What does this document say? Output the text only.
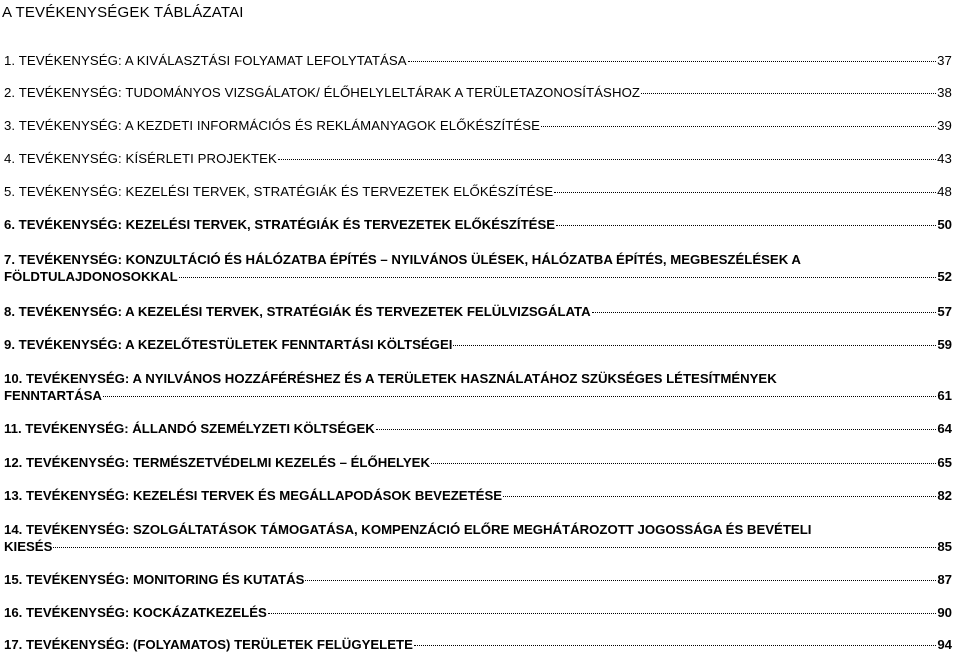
A TEVÉKENYSÉGEK TÁBLÁZATAI
1. TEVÉKENYSÉG: A KIVÁLASZTÁSI FOLYAMAT LEFOLYTATÁSA	37
2. TEVÉKENYSÉG: TUDOMÁNYOS VIZSGÁLATOK/ ÉLŐHELYLELTÁRAK A TERÜLETAZONOSÍTÁSHOZ	38
3. TEVÉKENYSÉG: A KEZDETI INFORMÁCIÓS ÉS REKLÁMANYAGOK ELŐKÉSZÍTÉSE	39
4. TEVÉKENYSÉG: KÍSÉRLETI PROJEKTEK	43
5. TEVÉKENYSÉG: KEZELÉSI TERVEK, STRATÉGIÁK ÉS TERVEZETEK ELŐKÉSZÍTÉSE	48
6. TEVÉKENYSÉG: KEZELÉSI TERVEK, STRATÉGIÁK ÉS TERVEZETEK ELŐKÉSZÍTÉSE	50
7. TEVÉKENYSÉG: KONZULTÁCIÓ ÉS HÁLÓZATBA ÉPÍTÉS – NYILVÁNOS ÜLÉSEK, HÁLÓZATBA ÉPÍTÉS, MEGBESZÉLÉSEK A
FÖLDTULAJDONOSOKKAL	52
8. TEVÉKENYSÉG: A KEZELÉSI TERVEK, STRATÉGIÁK ÉS TERVEZETEK FELÜLVIZSGÁLATA	57
9. TEVÉKENYSÉG: A KEZELŐTESTÜLETEK FENNTARTÁSI KÖLTSÉGEI	59
10. TEVÉKENYSÉG: A NYILVÁNOS HOZZÁFÉRÉSHEZ ÉS A TERÜLETEK HASZNÁLATÁHOZ SZÜKSÉGES LÉTESÍTMÉNYEK
FENNTARTÁSA	61
11. TEVÉKENYSÉG: ÁLLANDÓ SZEMÉLYZETI KÖLTSÉGEK	64
12. TEVÉKENYSÉG: TERMÉSZETVÉDELMI KEZELÉS – ÉLŐHELYEK	65
13. TEVÉKENYSÉG: KEZELÉSI TERVEK ÉS MEGÁLLAPODÁSOK BEVEZETÉSE	82
14. TEVÉKENYSÉG: SZOLGÁLTATÁSOK TÁMOGATÁSA, KOMPENZÁCIÓ ELŐRE MEGHÁTÁROZOTT JOGOSSÁGA ÉS BEVÉTELI
KIESÉS	85
15. TEVÉKENYSÉG: MONITORING ÉS KUTATÁS	87
16. TEVÉKENYSÉG: KOCKÁZATKEZELÉS	90
17. TEVÉKENYSÉG: (FOLYAMATOS) TERÜLETEK FELÜGYELETE	94
